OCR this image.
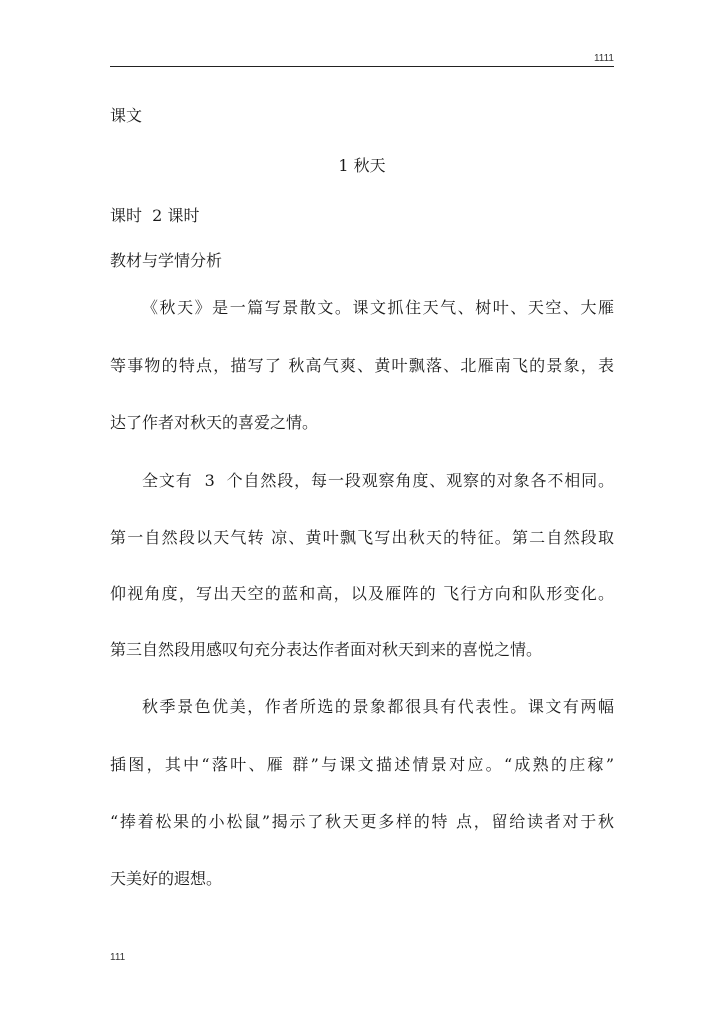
1111
课文
1 秋天
课时  2 课时
教材与学情分析
《秋天》是一篇写景散文。课文抓住天气、树叶、天空、大雁
等事物的特点，描写了 秋高气爽、黄叶飘落、北雁南飞的景象，表
达了作者对秋天的喜爱之情。
全文有  3  个自然段，每一段观察角度、观察的对象各不相同。
第一自然段以天气转 凉、黄叶飘飞写出秋天的特征。第二自然段取
仰视角度，写出天空的蓝和高，以及雁阵的 飞行方向和队形变化。
第三自然段用感叹句充分表达作者面对秋天到来的喜悦之情。
秋季景色优美，作者所选的景象都很具有代表性。课文有两幅
插图，其中“落叶、雁 群”与课文描述情景对应。“成熟的庄稼”
“捧着松果的小松鼠”揭示了秋天更多样的特 点，留给读者对于秋
天美好的遐想。
111
